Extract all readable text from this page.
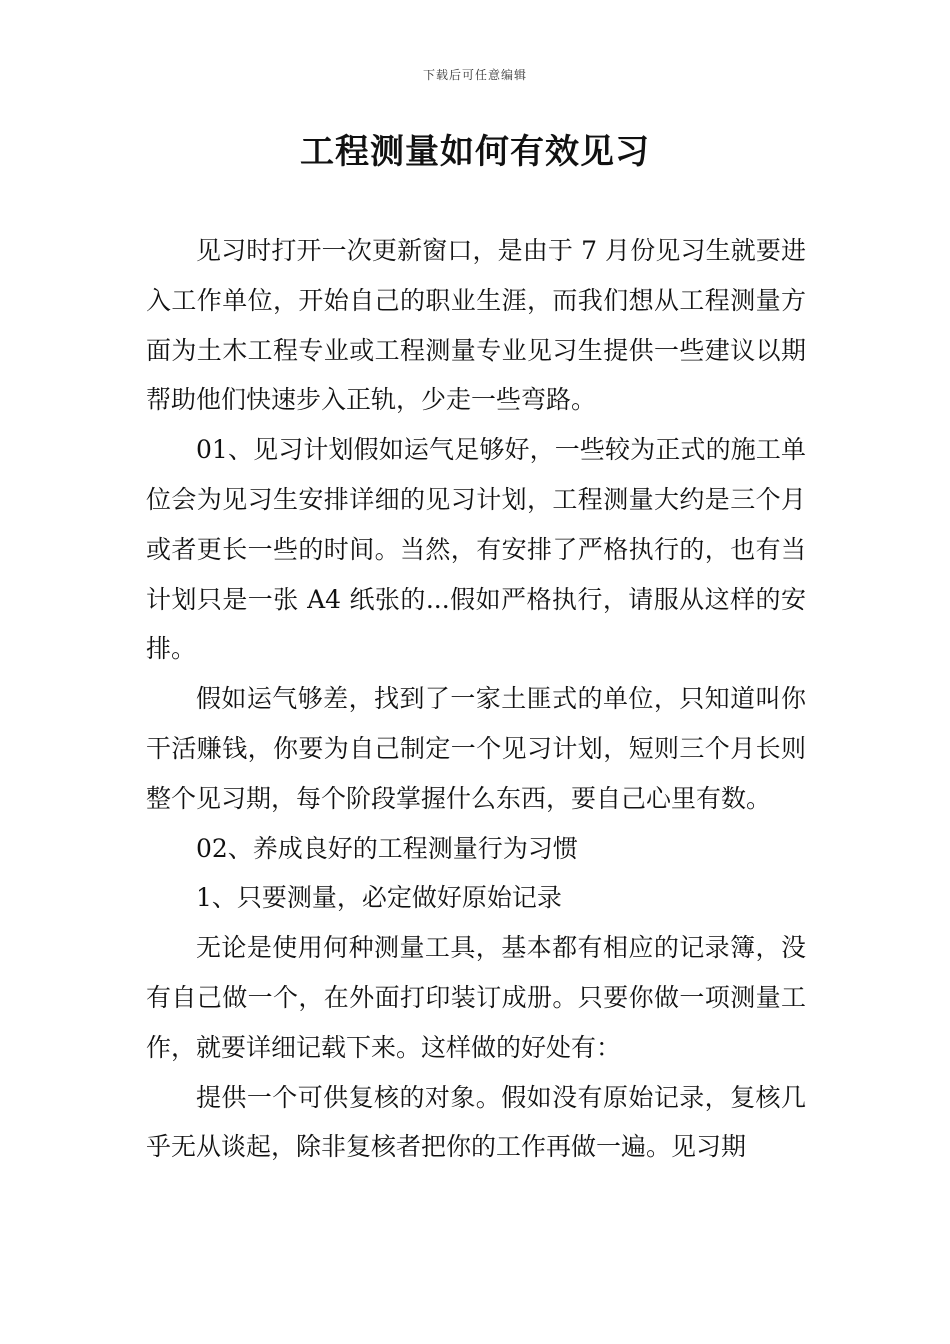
下载后可任意编辑
工程测量如何有效见习

见习时打开一次更新窗口，是由于 7 月份见习生就要进入工作单位，开始自己的职业生涯，而我们想从工程测量方面为土木工程专业或工程测量专业见习生提供一些建议以期帮助他们快速步入正轨，少走一些弯路。

01、见习计划假如运气足够好，一些较为正式的施工单位会为见习生安排详细的见习计划，工程测量大约是三个月或者更长一些的时间。当然，有安排了严格执行的，也有当计划只是一张 A4 纸张的...假如严格执行，请服从这样的安排。

假如运气够差，找到了一家土匪式的单位，只知道叫你干活赚钱，你要为自己制定一个见习计划，短则三个月长则整个见习期，每个阶段掌握什么东西，要自己心里有数。

02、养成良好的工程测量行为习惯

1、只要测量，必定做好原始记录

无论是使用何种测量工具，基本都有相应的记录簿，没有自己做一个，在外面打印装订成册。只要你做一项测量工作，就要详细记载下来。这样做的好处有：

提供一个可供复核的对象。假如没有原始记录，复核几乎无从谈起，除非复核者把你的工作再做一遍。见习期
